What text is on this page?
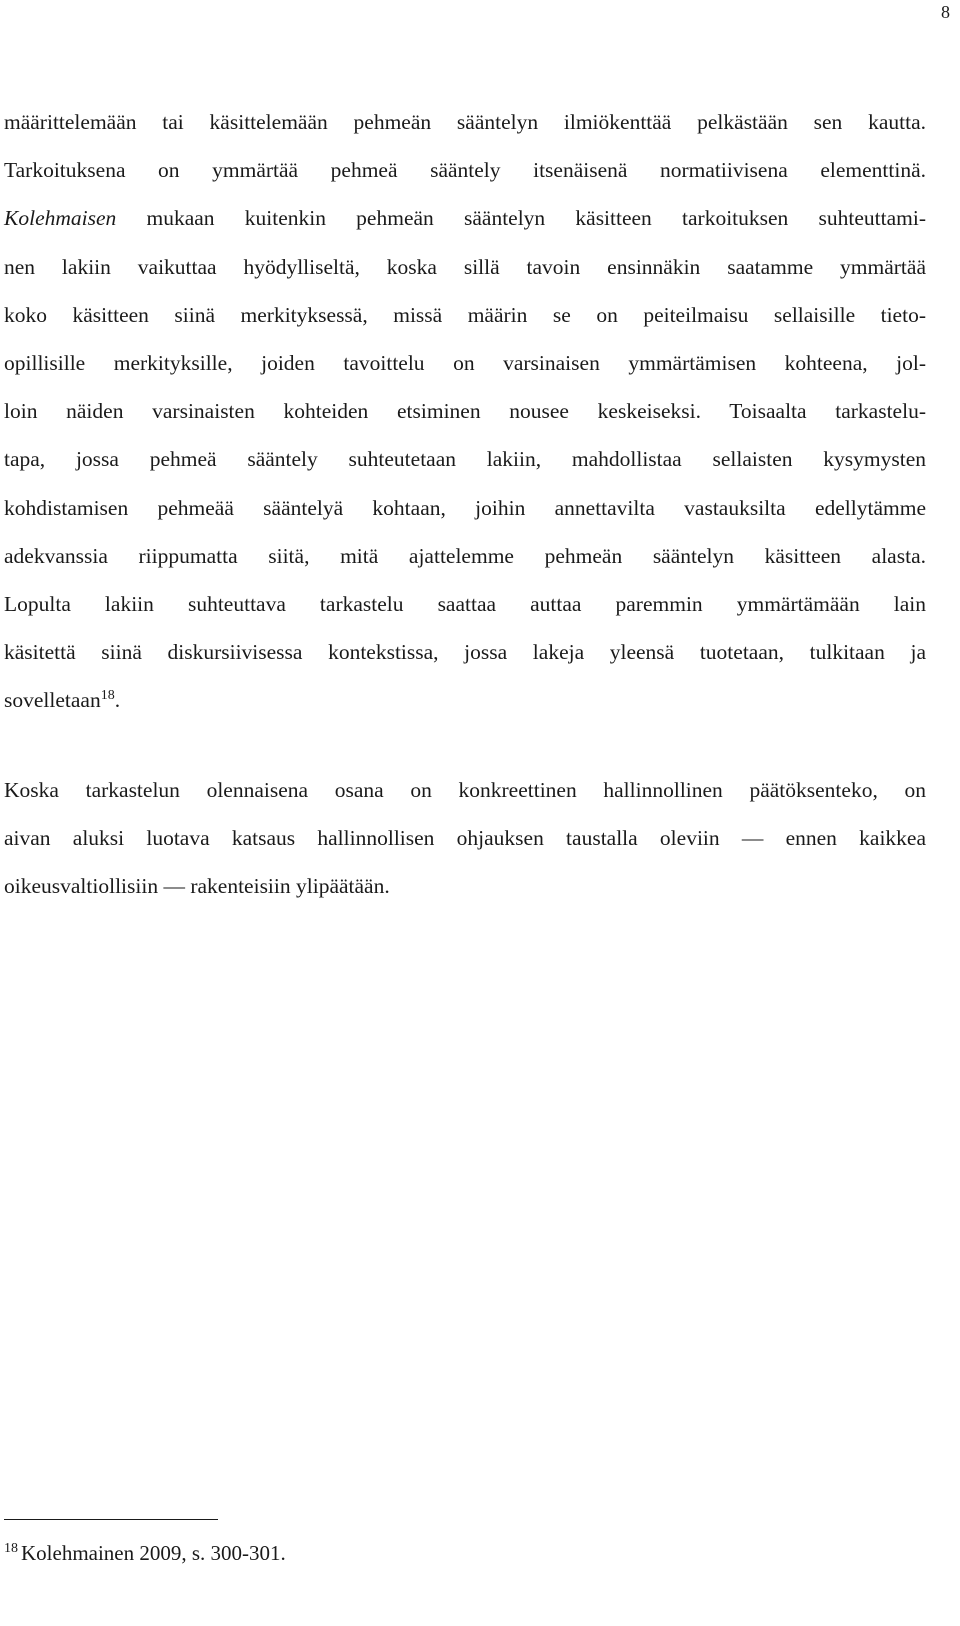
8
määrittelemään tai käsittelemään pehmeän sääntelyn ilmiökenttää pelkästään sen kautta.
Tarkoituksena on ymmärtää pehmeä sääntely itsenäisenä normatiivisena elementtinä.
Kolehmaisen mukaan kuitenkin pehmeän sääntelyn käsitteen tarkoituksen suhteuttami-
nen lakiin vaikuttaa hyödylliseltä, koska sillä tavoin ensinnäkin saatamme ymmärtää
koko käsitteen siinä merkityksessä, missä määrin se on peiteilmaisu sellaisille tieto-
opillisille merkityksille, joiden tavoittelu on varsinaisen ymmärtämisen kohteena, jol-
loin näiden varsinaisten kohteiden etsiminen nousee keskeiseksi. Toisaalta tarkastelu-
tapa, jossa pehmeä sääntely suhteutetaan lakiin, mahdollistaa sellaisten kysymysten
kohdistamisen pehmeää sääntelyä kohtaan, joihin annettavilta vastauksilta edellytämme
adekvanssia riippumatta siitä, mitä ajattelemme pehmeän sääntelyn käsitteen alasta.
Lopulta lakiin suhteuttava tarkastelu saattaa auttaa paremmin ymmärtämään lain
käsitettä siinä diskursiivisessa kontekstissa, jossa lakeja yleensä tuotetaan, tulkitaan ja
sovelletaan$^{18}$.
Koska tarkastelun olennaisena osana on konkreettinen hallinnollinen päätöksenteko, on
aivan aluksi luotava katsaus hallinnollisen ohjauksen taustalla oleviin — ennen kaikkea
oikeusvaltiollisiin — rakenteisiin ylipäätään.
$^{18}$ Kolehmainen 2009, s. 300-301.
